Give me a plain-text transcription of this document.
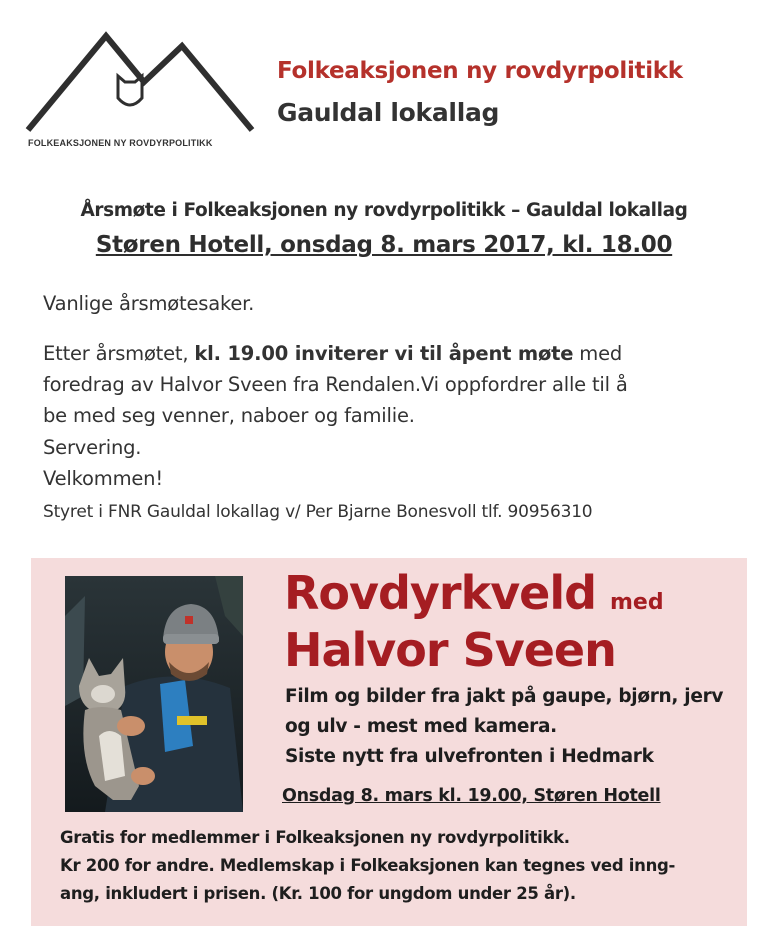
FOLKEAKSJONEN NY ROVDYRPOLITIKK
Folkeaksjonen ny rovdyrpolitikk
Gauldal lokallag
Årsmøte i Folkeaksjonen ny rovdyrpolitikk – Gauldal lokallag
Støren Hotell, onsdag 8. mars 2017, kl. 18.00
Vanlige årsmøtesaker.
Etter årsmøtet, kl. 19.00 inviterer vi til åpent møte med
foredrag av Halvor Sveen fra Rendalen.Vi oppfordrer alle til å
be med seg venner, naboer og familie.
Servering.
Velkommen!
Styret i FNR Gauldal lokallag v/ Per Bjarne Bonesvoll tlf. 90956310
Rovdyrkveld med
Halvor Sveen
Film og bilder fra jakt på gaupe, bjørn, jerv
og ulv - mest med kamera.
Siste nytt fra ulvefronten i Hedmark
Onsdag 8. mars kl. 19.00, Støren Hotell
Gratis for medlemmer i Folkeaksjonen ny rovdyrpolitikk.
Kr 200 for andre. Medlemskap i Folkeaksjonen kan tegnes ved inng-
ang, inkludert i prisen. (Kr. 100 for ungdom under 25 år).
